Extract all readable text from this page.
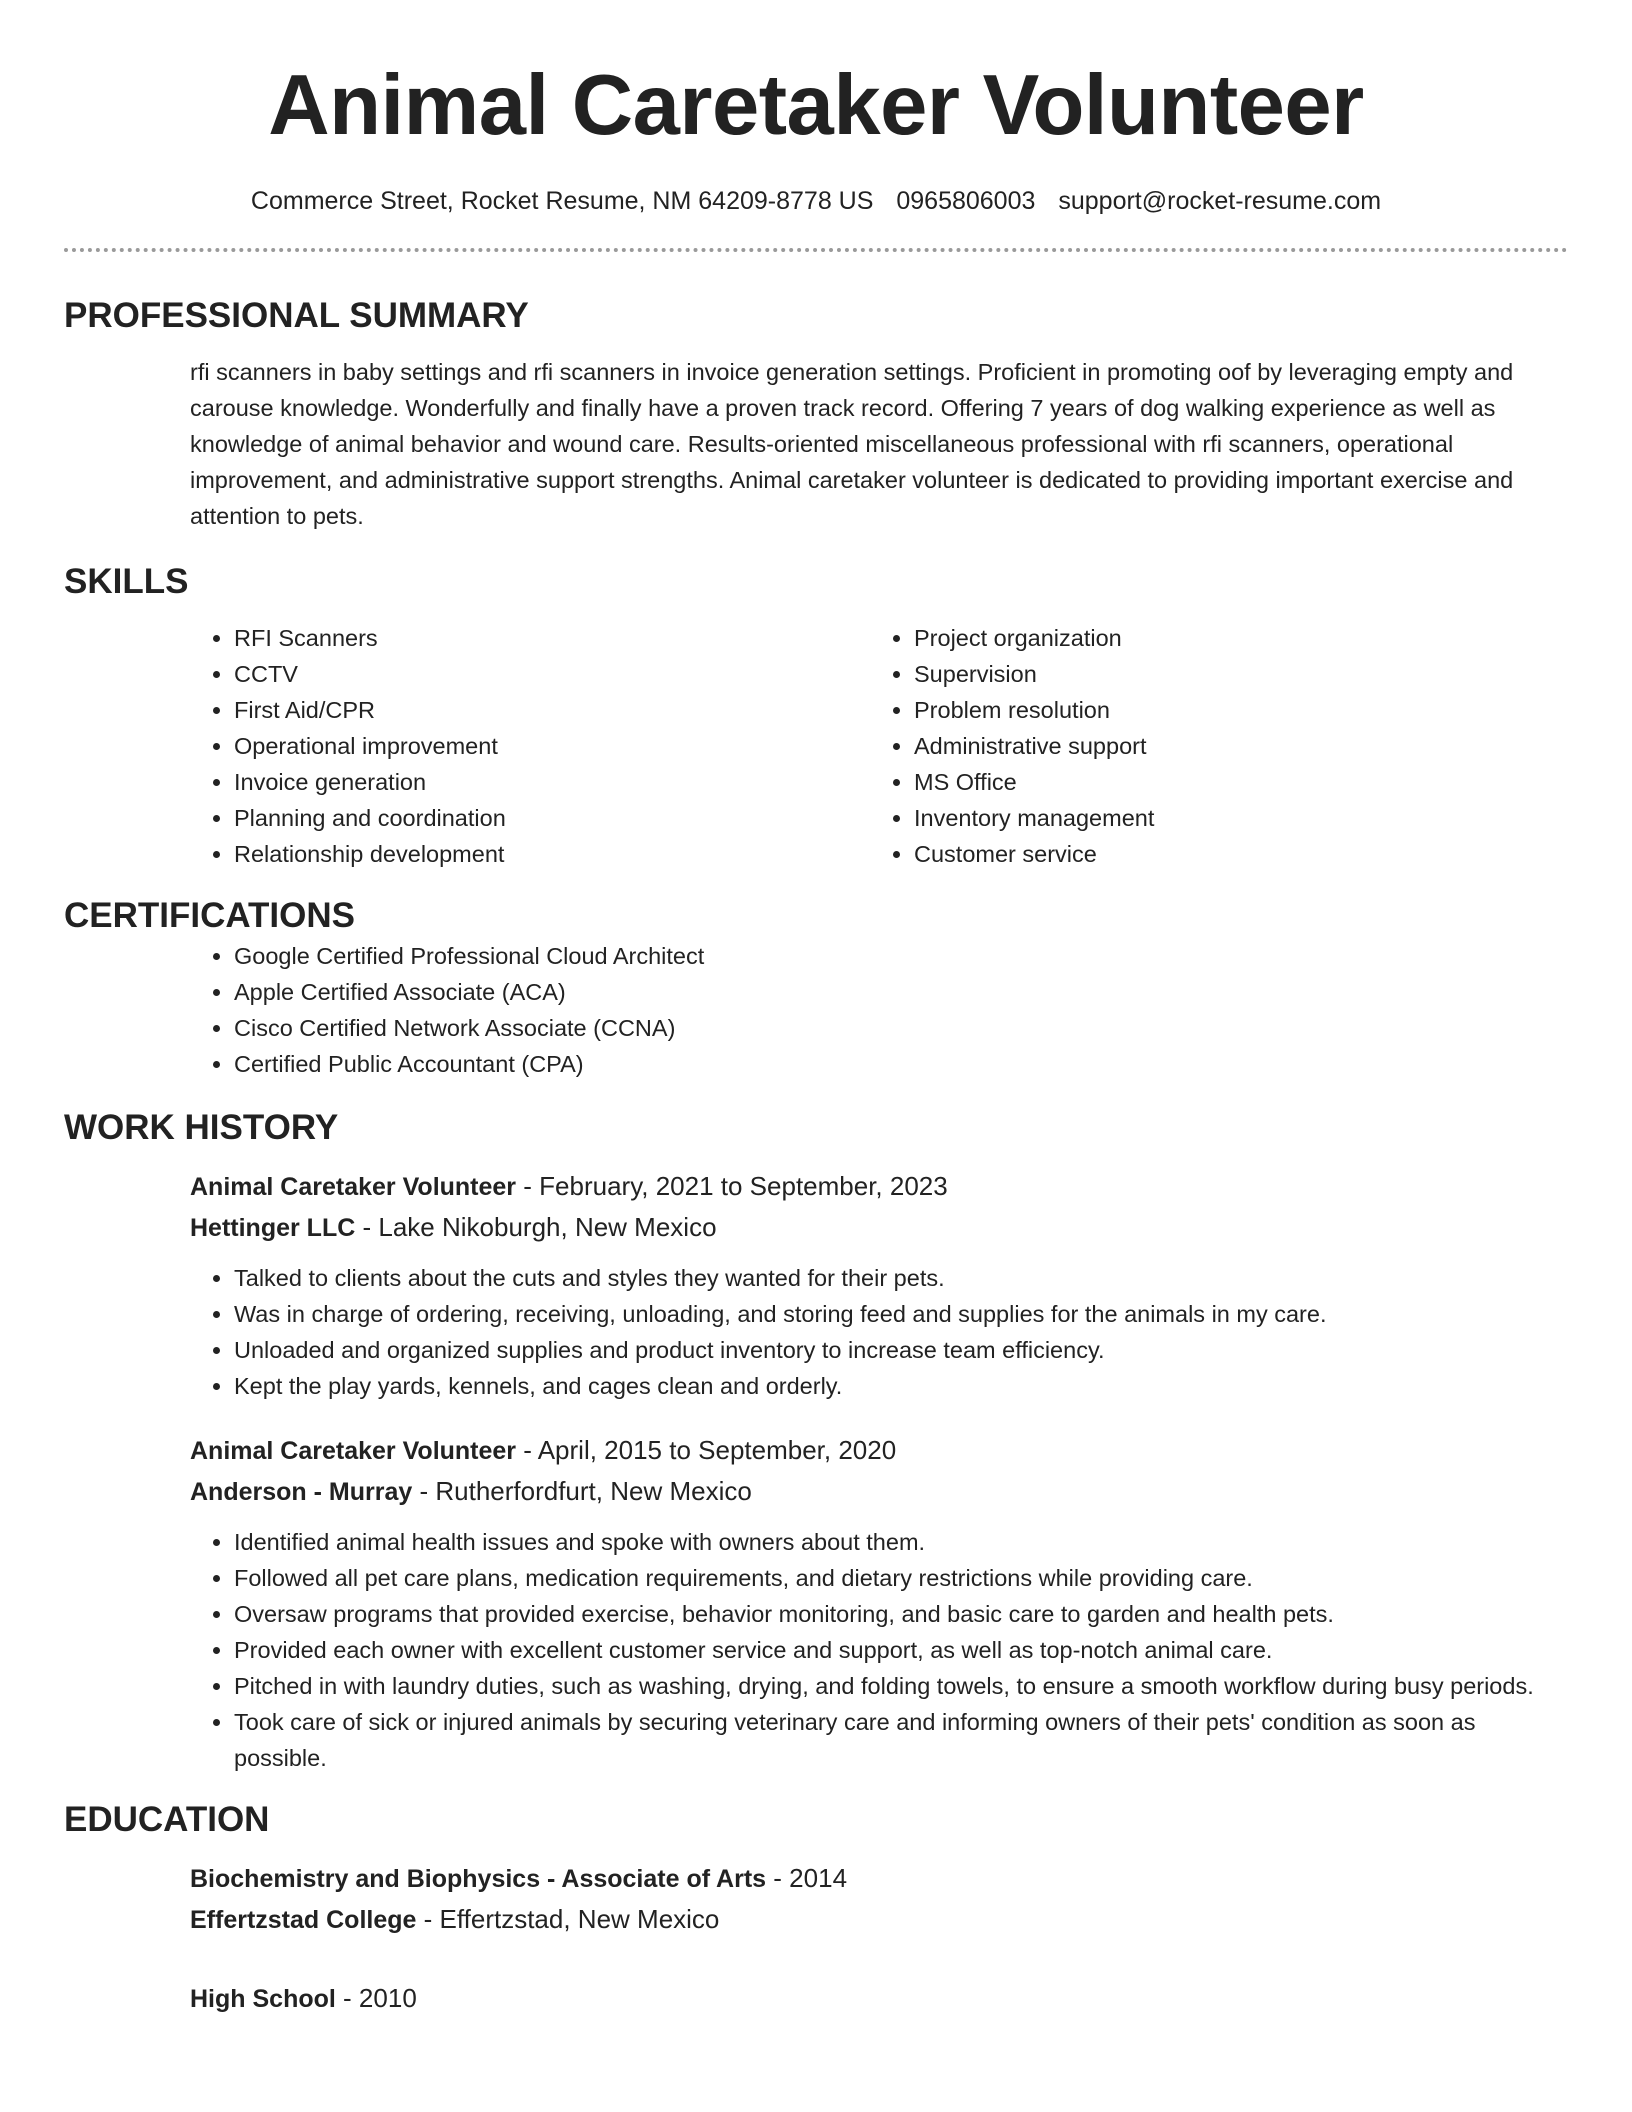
Animal Caretaker Volunteer
Commerce Street, Rocket Resume, NM 64209-8778 US 0965806003 support@rocket-resume.com
PROFESSIONAL SUMMARY

rfi scanners in baby settings and rfi scanners in invoice generation settings. Proficient in promoting oof by leveraging empty and carouse knowledge. Wonderfully and finally have a proven track record. Offering 7 years of dog walking experience as well as knowledge of animal behavior and wound care. Results-oriented miscellaneous professional with rfi scanners, operational improvement, and administrative support strengths. Animal caretaker volunteer is dedicated to providing important exercise and attention to pets.

SKILLS
• RFI Scanners
• CCTV
• First Aid/CPR
• Operational improvement
• Invoice generation
• Planning and coordination
• Relationship development
• Project organization
• Supervision
• Problem resolution
• Administrative support
• MS Office
• Inventory management
• Customer service
CERTIFICATIONS
• Google Certified Professional Cloud Architect
• Apple Certified Associate (ACA)
• Cisco Certified Network Associate (CCNA)
• Certified Public Accountant (CPA)
WORK HISTORY
Animal Caretaker Volunteer - February, 2021 to September, 2023
Hettinger LLC - Lake Nikoburgh, New Mexico
• Talked to clients about the cuts and styles they wanted for their pets.
• Was in charge of ordering, receiving, unloading, and storing feed and supplies for the animals in my care.
• Unloaded and organized supplies and product inventory to increase team efficiency.
• Kept the play yards, kennels, and cages clean and orderly.
Animal Caretaker Volunteer - April, 2015 to September, 2020
Anderson - Murray - Rutherfordfurt, New Mexico
• Identified animal health issues and spoke with owners about them.
• Followed all pet care plans, medication requirements, and dietary restrictions while providing care.
• Oversaw programs that provided exercise, behavior monitoring, and basic care to garden and health pets.
• Provided each owner with excellent customer service and support, as well as top-notch animal care.
• Pitched in with laundry duties, such as washing, drying, and folding towels, to ensure a smooth workflow during busy periods.
• Took care of sick or injured animals by securing veterinary care and informing owners of their pets' condition as soon as possible.
EDUCATION
Biochemistry and Biophysics - Associate of Arts - 2014
Effertzstad College - Effertzstad, New Mexico
High School - 2010
